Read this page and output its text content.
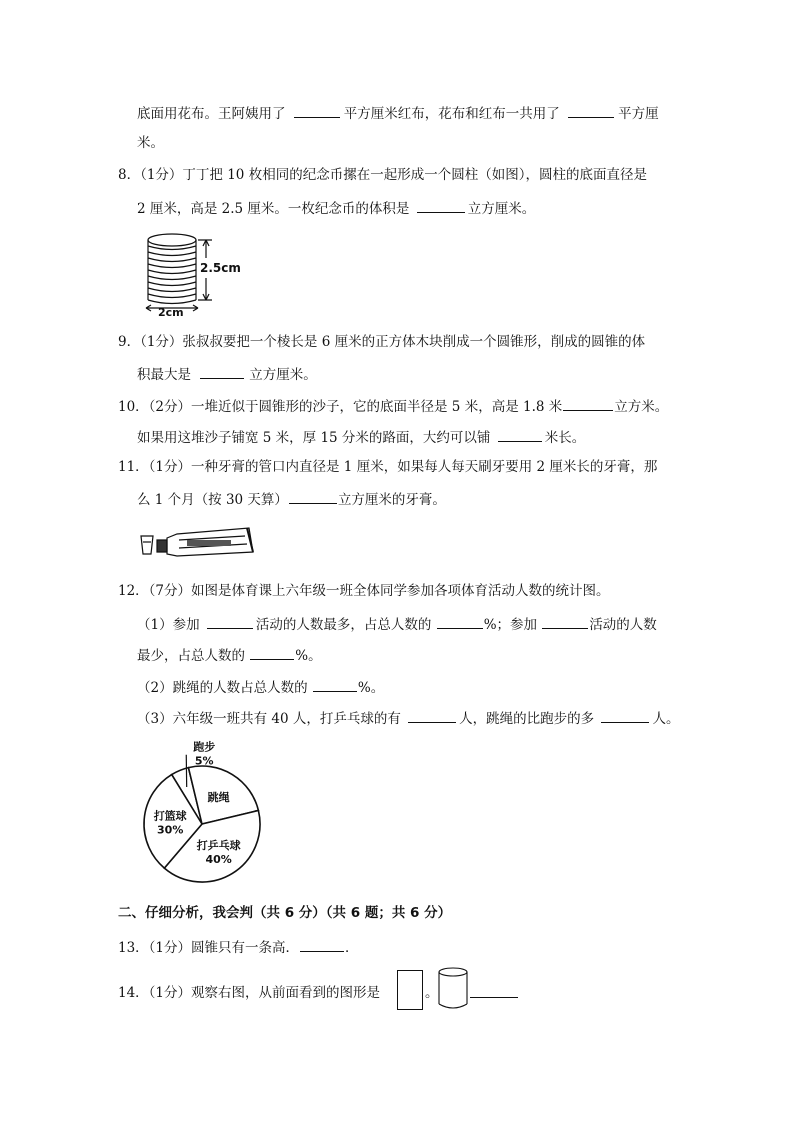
底面用花布。王阿姨用了	平方厘米红布，花布和红布一共用了	平方厘
米。
8．（1分）丁丁把 10 枚相同的纪念币摞在一起形成一个圆柱（如图），圆柱的底面直径是
2 厘米，高是 2.5 厘米。一枚纪念币的体积是	立方厘米。
2.5cm
2cm
9．（1分）张叔叔要把一个棱长是 6 厘米的正方体木块削成一个圆锥形，削成的圆锥的体
积最大是	立方厘米。
10．（2分）一堆近似于圆锥形的沙子，它的底面半径是 5 米，高是 1.8 米	立方米。
如果用这堆沙子铺宽 5 米，厚 15 分米的路面，大约可以铺	米长。
11．（1分）一种牙膏的管口内直径是 1 厘米，如果每人每天刷牙要用 2 厘米长的牙膏，那
么 1 个月（按 30 天算）	立方厘米的牙膏。
12．（7分）如图是体育课上六年级一班全体同学参加各项体育活动人数的统计图。
（1）参加	活动的人数最多，占总人数的	%；参加	活动的人数
最少，占总人数的	%。
（2）跳绳的人数占总人数的	%。
（3）六年级一班共有 40 人，打乒乓球的有	人，跳绳的比跑步的多	人。
跑步
5%
跳绳
打乒乓球
40%
打篮球
30%
二、仔细分析，我会判（共 6 分）（共 6 题；共 6 分）
13．（1分）圆锥只有一条高．	．
14．（1分）观察右图，从前面看到的图形是	。
